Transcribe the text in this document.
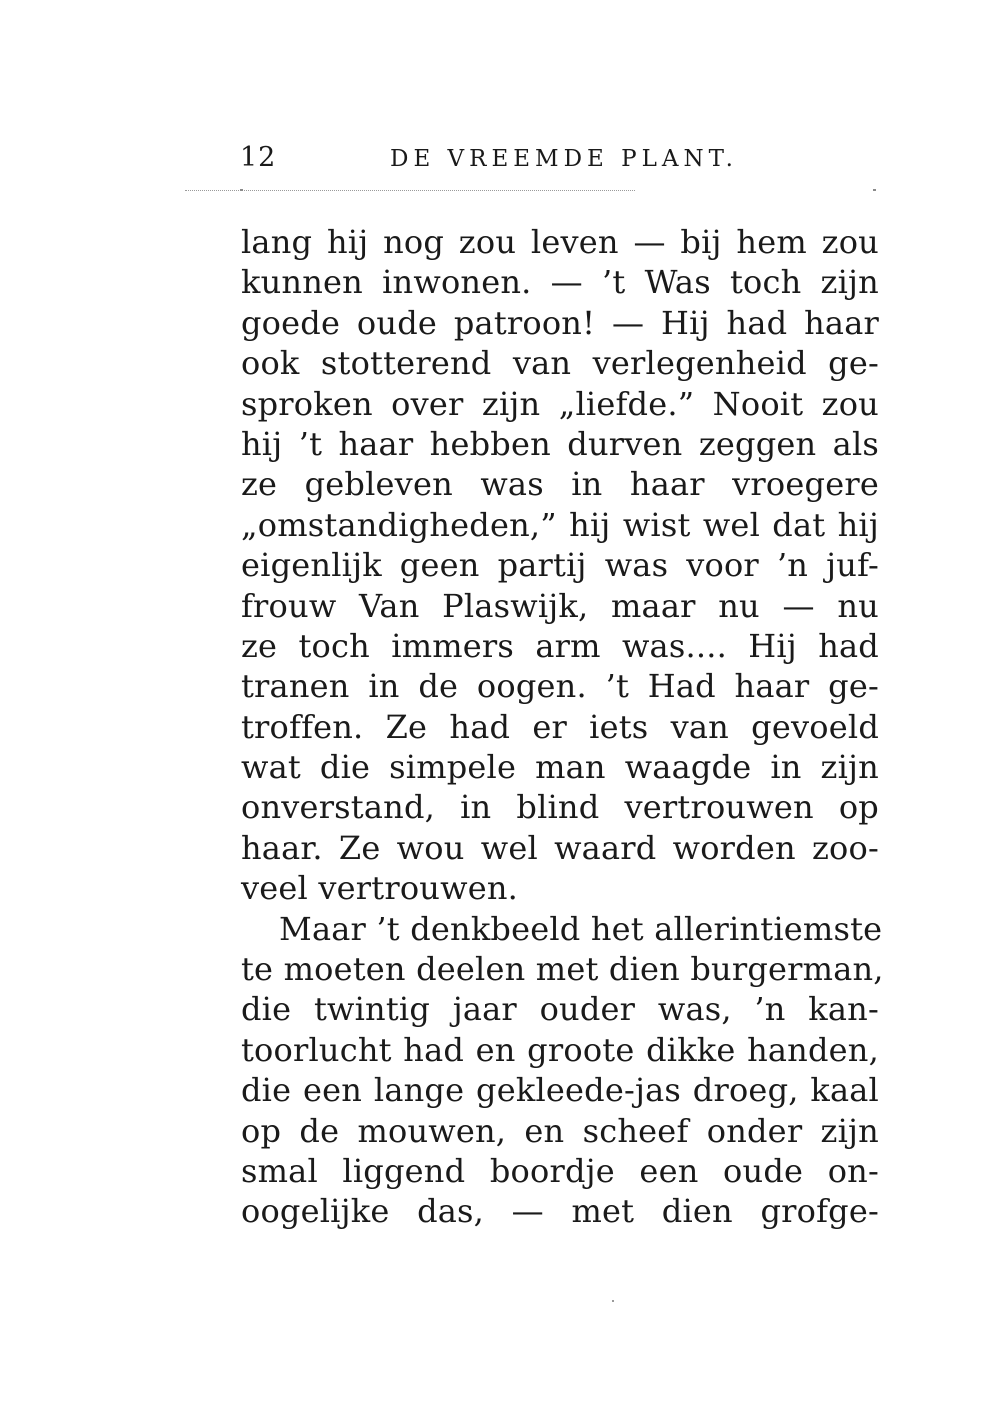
12	DE VREEMDE PLANT.
lang hij nog zou leven — bij hem zou
kunnen inwonen. — ’t Was toch zijn
goede oude patroon! — Hij had haar
ook stotterend van verlegenheid ge-
sproken over zijn „liefde.” Nooit zou
hij ’t haar hebben durven zeggen als
ze gebleven was in haar vroegere
„omstandigheden,” hij wist wel dat hij
eigenlijk geen partij was voor ’n juf-
frouw Van Plaswijk, maar nu — nu
ze toch immers arm was.... Hij had
tranen in de oogen. ’t Had haar ge-
troffen. Ze had er iets van gevoeld
wat die simpele man waagde in zijn
onverstand, in blind vertrouwen op
haar. Ze wou wel waard worden zoo-
veel vertrouwen.
Maar ’t denkbeeld het allerintiemste
te moeten deelen met dien burgerman,
die twintig jaar ouder was, ’n kan-
toorlucht had en groote dikke handen,
die een lange gekleede-jas droeg, kaal
op de mouwen, en scheef onder zijn
smal liggend boordje een oude on-
oogelijke das, — met dien grofge-
